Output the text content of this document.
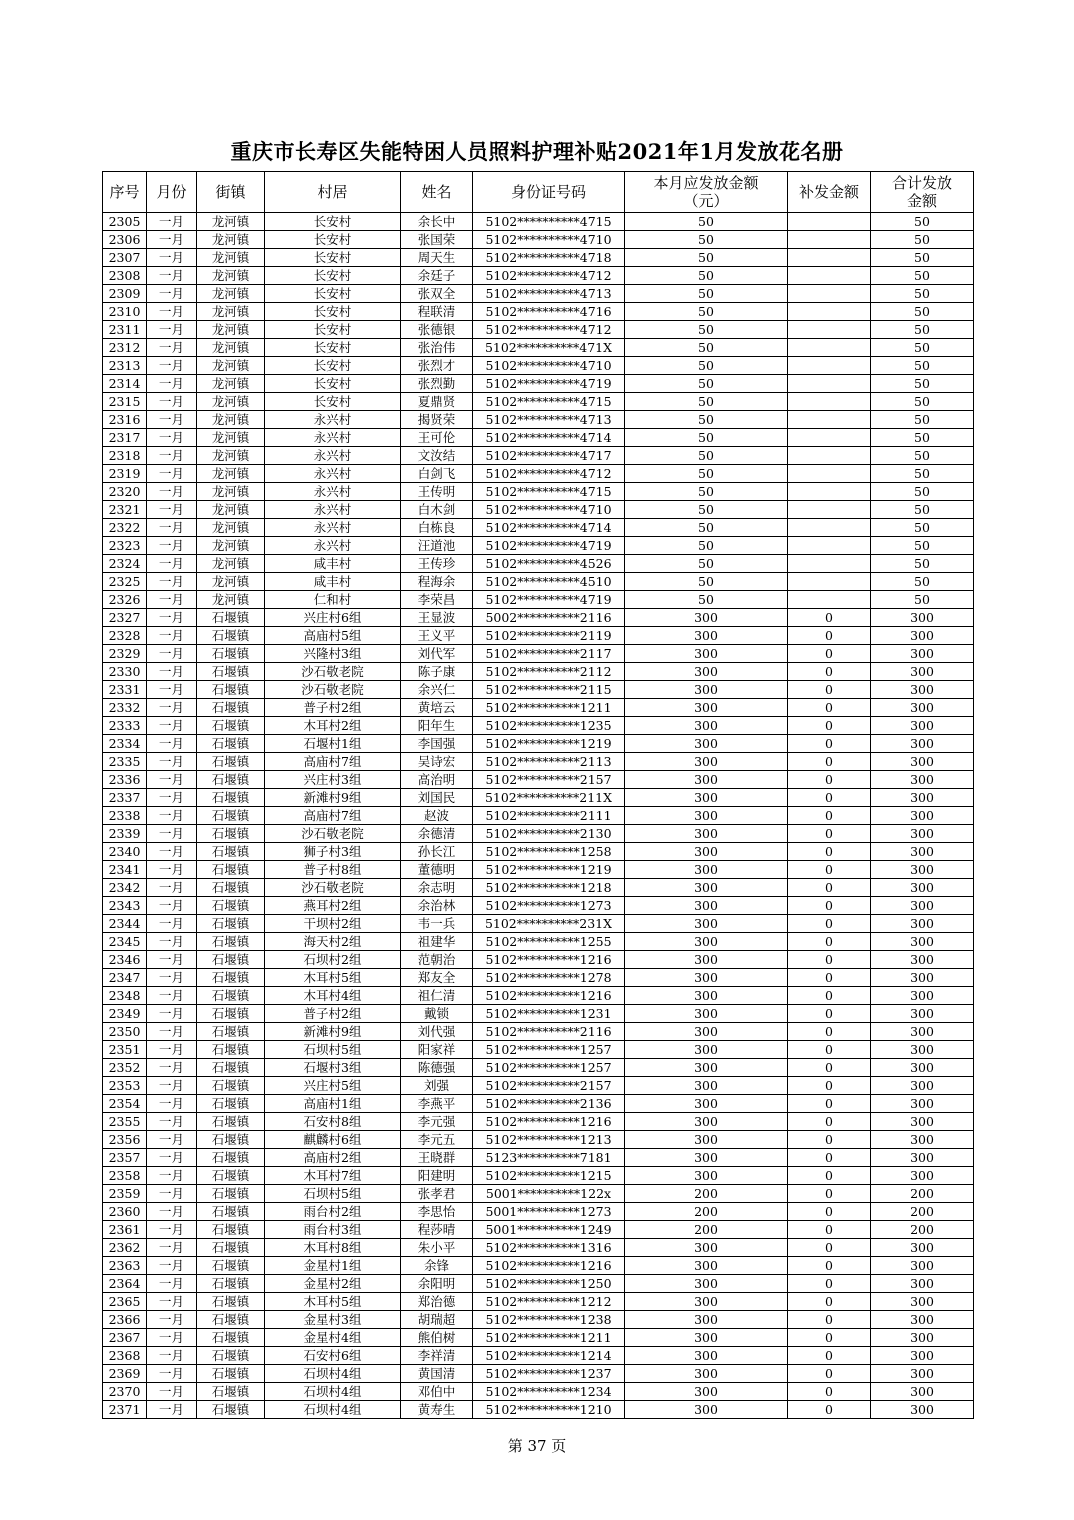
重庆市长寿区失能特困人员照料护理补贴2021年1月发放花名册
序号	月份	街镇	村居	姓名	身份证号码	本月应发放金额（元）	补发金额	合计发放金额
2305	一月	龙河镇	长安村	余长中	5102**********4715	50		50
2306	一月	龙河镇	长安村	张国荣	5102**********4710	50		50
2307	一月	龙河镇	长安村	周天生	5102**********4718	50		50
2308	一月	龙河镇	长安村	余廷子	5102**********4712	50		50
2309	一月	龙河镇	长安村	张双全	5102**********4713	50		50
2310	一月	龙河镇	长安村	程联清	5102**********4716	50		50
2311	一月	龙河镇	长安村	张德银	5102**********4712	50		50
2312	一月	龙河镇	长安村	张治伟	5102**********471X	50		50
2313	一月	龙河镇	长安村	张烈才	5102**********4710	50		50
2314	一月	龙河镇	长安村	张烈勤	5102**********4719	50		50
2315	一月	龙河镇	长安村	夏鼎贤	5102**********4715	50		50
2316	一月	龙河镇	永兴村	揭贤荣	5102**********4713	50		50
2317	一月	龙河镇	永兴村	王可伦	5102**********4714	50		50
2318	一月	龙河镇	永兴村	文汝结	5102**********4717	50		50
2319	一月	龙河镇	永兴村	白剑飞	5102**********4712	50		50
2320	一月	龙河镇	永兴村	王传明	5102**********4715	50		50
2321	一月	龙河镇	永兴村	白木剑	5102**********4710	50		50
2322	一月	龙河镇	永兴村	白栋良	5102**********4714	50		50
2323	一月	龙河镇	永兴村	汪道池	5102**********4719	50		50
2324	一月	龙河镇	咸丰村	王传珍	5102**********4526	50		50
2325	一月	龙河镇	咸丰村	程海余	5102**********4510	50		50
2326	一月	龙河镇	仁和村	李荣昌	5102**********4719	50		50
2327	一月	石堰镇	兴庄村6组	王显波	5002**********2116	300	0	300
2328	一月	石堰镇	高庙村5组	王义平	5102**********2119	300	0	300
2329	一月	石堰镇	兴隆村3组	刘代军	5102**********2117	300	0	300
2330	一月	石堰镇	沙石敬老院	陈子康	5102**********2112	300	0	300
2331	一月	石堰镇	沙石敬老院	余兴仁	5102**********2115	300	0	300
2332	一月	石堰镇	普子村2组	黄培云	5102**********1211	300	0	300
2333	一月	石堰镇	木耳村2组	阳年生	5102**********1235	300	0	300
2334	一月	石堰镇	石堰村1组	李国强	5102**********1219	300	0	300
2335	一月	石堰镇	高庙村7组	吴诗宏	5102**********2113	300	0	300
2336	一月	石堰镇	兴庄村3组	高治明	5102**********2157	300	0	300
2337	一月	石堰镇	新滩村9组	刘国民	5102**********211X	300	0	300
2338	一月	石堰镇	高庙村7组	赵波	5102**********2111	300	0	300
2339	一月	石堰镇	沙石敬老院	余德清	5102**********2130	300	0	300
2340	一月	石堰镇	狮子村3组	孙长江	5102**********1258	300	0	300
2341	一月	石堰镇	普子村8组	董德明	5102**********1219	300	0	300
2342	一月	石堰镇	沙石敬老院	余志明	5102**********1218	300	0	300
2343	一月	石堰镇	燕耳村2组	余治林	5102**********1273	300	0	300
2344	一月	石堰镇	干坝村2组	韦一兵	5102**********231X	300	0	300
2345	一月	石堰镇	海天村2组	祖建华	5102**********1255	300	0	300
2346	一月	石堰镇	石坝村2组	范朝治	5102**********1216	300	0	300
2347	一月	石堰镇	木耳村5组	郑友全	5102**********1278	300	0	300
2348	一月	石堰镇	木耳村4组	祖仁清	5102**********1216	300	0	300
2349	一月	石堰镇	普子村2组	戴锁	5102**********1231	300	0	300
2350	一月	石堰镇	新滩村9组	刘代强	5102**********2116	300	0	300
2351	一月	石堰镇	石坝村5组	阳家祥	5102**********1257	300	0	300
2352	一月	石堰镇	石堰村3组	陈德强	5102**********1257	300	0	300
2353	一月	石堰镇	兴庄村5组	刘强	5102**********2157	300	0	300
2354	一月	石堰镇	高庙村1组	李燕平	5102**********2136	300	0	300
2355	一月	石堰镇	石安村8组	李元强	5102**********1216	300	0	300
2356	一月	石堰镇	麒麟村6组	李元五	5102**********1213	300	0	300
2357	一月	石堰镇	高庙村2组	王晓群	5123**********7181	300	0	300
2358	一月	石堰镇	木耳村7组	阳建明	5102**********1215	300	0	300
2359	一月	石堰镇	石坝村5组	张孝君	5001**********122x	200	0	200
2360	一月	石堰镇	雨台村2组	李思怡	5001**********1273	200	0	200
2361	一月	石堰镇	雨台村3组	程莎晴	5001**********1249	200	0	200
2362	一月	石堰镇	木耳村8组	朱小平	5102**********1316	300	0	300
2363	一月	石堰镇	金星村1组	余锋	5102**********1216	300	0	300
2364	一月	石堰镇	金星村2组	余阳明	5102**********1250	300	0	300
2365	一月	石堰镇	木耳村5组	郑治德	5102**********1212	300	0	300
2366	一月	石堰镇	金星村3组	胡瑞超	5102**********1238	300	0	300
2367	一月	石堰镇	金星村4组	熊伯树	5102**********1211	300	0	300
2368	一月	石堰镇	石安村6组	李祥清	5102**********1214	300	0	300
2369	一月	石堰镇	石坝村4组	黄国清	5102**********1237	300	0	300
2370	一月	石堰镇	石坝村4组	邓伯中	5102**********1234	300	0	300
2371	一月	石堰镇	石坝村4组	黄寿生	5102**********1210	300	0	300
第 37 页
